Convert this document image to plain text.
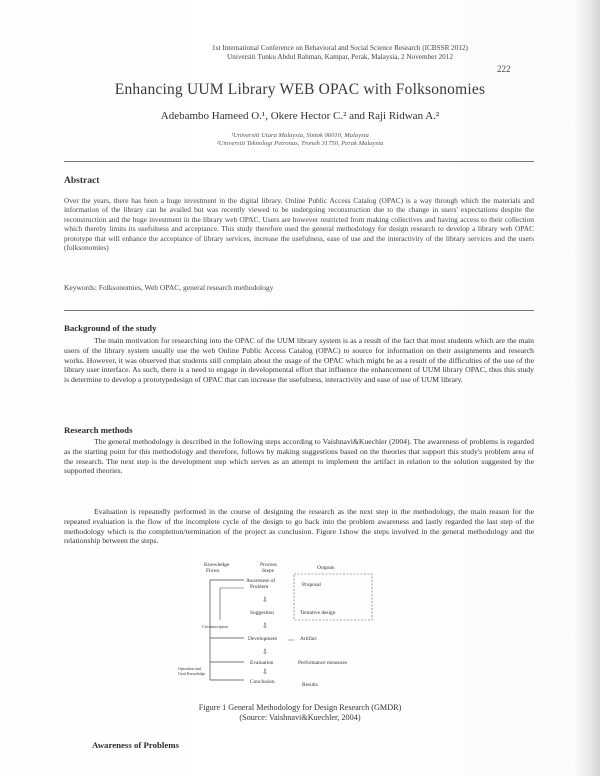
1st International Conference on Behavioral and Social Science Research (ICBSSR 2012)
Universiti Tunku Abdul Rahman, Kampar, Perak, Malaysia, 2 November 2012
222
Enhancing UUM Library WEB OPAC with Folksonomies
Adebambo Hameed O.¹, Okere Hector C.² and Raji Ridwan A.²
¹Universiti Utara Malaysia, Sintok 06010, Malaysia
²Universiti Teknologi Petronas, Tronoh 31750, Perak Malaysia
Abstract
Over the years, there has been a huge investment in the digital library. Online Public Access Catalog (OPAC) is a way through which the materials and information of the library can be availed but was recently viewed to be undergoing reconstruction due to the change in users' expectations despite the reconstruction and the huge investment in the library web OPAC. Users are however restricted from making collectives and having access to their collection which thereby limits its usefulness and acceptance. This study therefore used the general methodology for design research to develop a library web OPAC prototype that will enhance the acceptance of library services, increase the usefulness, ease of use and the interactivity of the library services and the users (folksonomies)
Keywords: Folksonomies, Web OPAC, general research methodology
Background of the study
The main motivation for researching into the OPAC of the UUM library system is as a result of the fact that most students which are the main users of the library system usually use the web Online Public Access Catalog (OPAC) to source for information on their assignments and research works. However, it was observed that students still complain about the usage of the OPAC which might be as a result of the difficulties of the use of the library user interface. As such, there is a need to engage in developmental effort that influence the enhancement of UUM library OPAC, thus this study is determine to develop a prototypedesign of OPAC that can increase the usefulness, interactivity and ease of use of UUM library.
Research methods
The general methodology is described in the following steps according to Vaishnavi&Kuechler (2004). The awareness of problems is regarded as the starting point for this methodology and therefore, follows by making suggestions based on the theories that support this study's problem area of the research. The next step is the development step which serves as an attempt to implement the artifact in relation to the solution suggested by the supported theories.
Evaluation is repeatedly performed in the course of designing the research as the next step in the methodology, the main reason for the repeated evaluation is the flow of the incomplete cycle of the design to go back into the problem awareness and lastly regarded the last step of the methodology which is the completion/termination of the project as conclusion. Figure 1show the steps involved in the general methodology and the relationship between the steps.
Knowledge
Flows
Process
Steps	Outputs
Awareness of
Problem
⇩
Suggestion
⇩
Development
⇩
Evaluation
⇩
Conclusion
Proposal
Tentative design
Artifact
Performance measures
Results
Circumscription
Operation and
Goal Knowledge
Figure 1 General Methodology for Design Research (GMDR)
(Source: Vaishnavi&Kuechler, 2004)
Awareness of Problems
